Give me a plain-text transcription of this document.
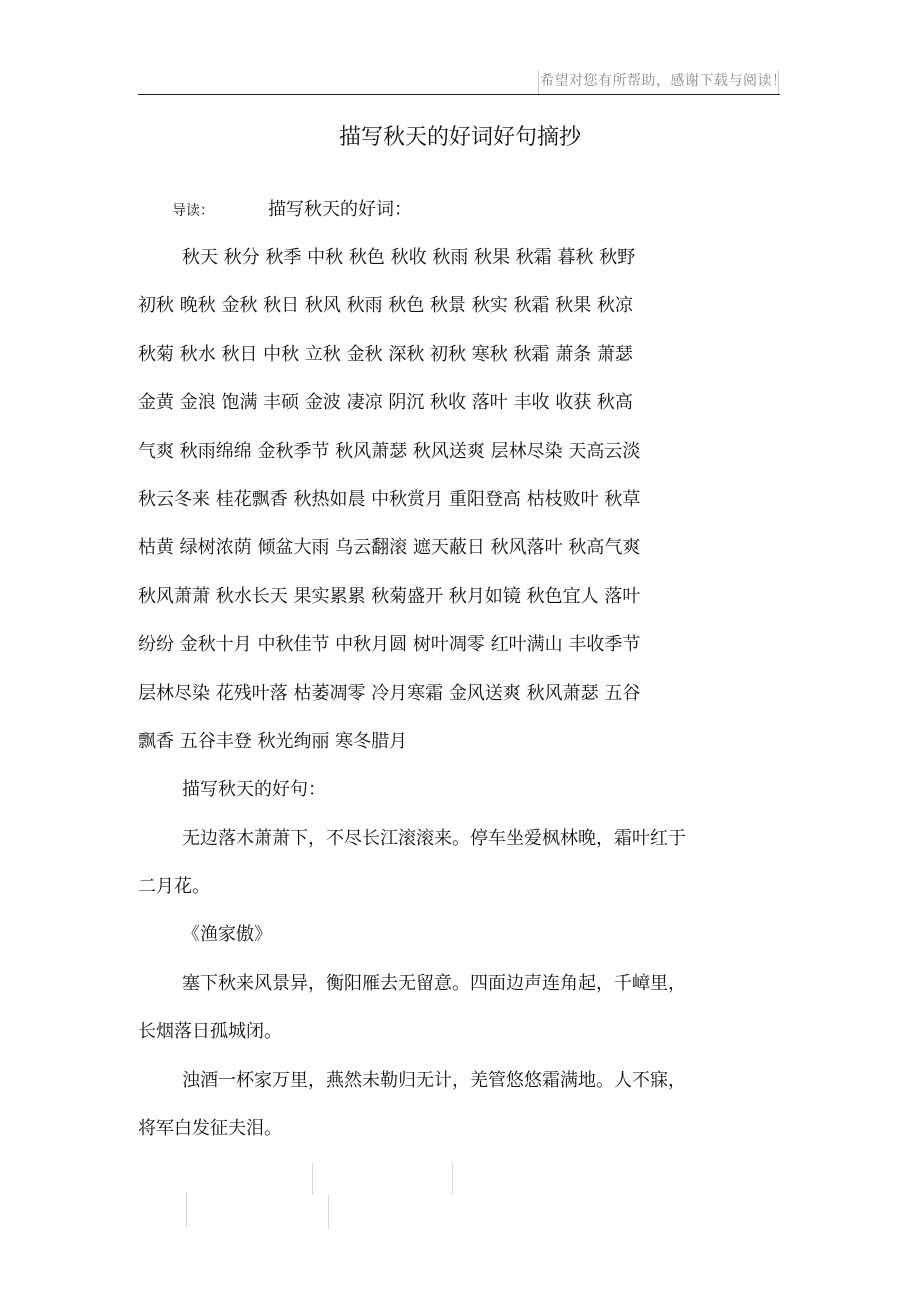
希望对您有所帮助，感谢下载与阅读！
描写秋天的好词好句摘抄
导读：	描写秋天的好词：
秋天 秋分 秋季 中秋 秋色 秋收 秋雨 秋果 秋霜 暮秋 秋野
初秋 晚秋 金秋 秋日 秋风 秋雨 秋色 秋景 秋实 秋霜 秋果 秋凉
秋菊 秋水 秋日 中秋 立秋 金秋 深秋 初秋 寒秋 秋霜 萧条 萧瑟
金黄 金浪 饱满 丰硕 金波 凄凉 阴沉 秋收 落叶 丰收 收获 秋高
气爽 秋雨绵绵 金秋季节 秋风萧瑟 秋风送爽 层林尽染 天高云淡
秋云冬来 桂花飘香 秋热如晨 中秋赏月 重阳登高 枯枝败叶 秋草
枯黄 绿树浓荫 倾盆大雨 乌云翻滚 遮天蔽日 秋风落叶 秋高气爽
秋风萧萧 秋水长天 果实累累 秋菊盛开 秋月如镜 秋色宜人 落叶
纷纷 金秋十月 中秋佳节 中秋月圆 树叶凋零 红叶满山 丰收季节
层林尽染 花残叶落 枯萎凋零 冷月寒霜 金风送爽 秋风萧瑟 五谷
飘香 五谷丰登 秋光绚丽 寒冬腊月
描写秋天的好句：
无边落木萧萧下，不尽长江滚滚来。停车坐爱枫林晚，霜叶红于
二月花。
《渔家傲》
塞下秋来风景异，衡阳雁去无留意。四面边声连角起，千嶂里，
长烟落日孤城闭。
浊酒一杯家万里，燕然未勒归无计，羌管悠悠霜满地。人不寐，
将军白发征夫泪。
